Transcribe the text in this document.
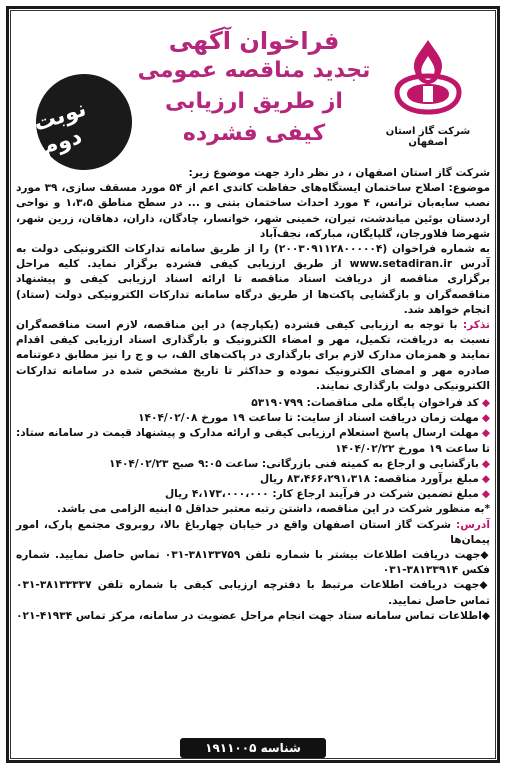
شرکت گاز استان اصفهان
فراخوان آگهی
تجدید مناقصه عمومی
از طریق ارزیابی کیفی فشرده
نوبت دوم

شرکت گاز استان اصفهان ، در نظر دارد جهت موضوع زیر:

موضوع: اصلاح ساختمان ایستگاه‌های حفاظت کاتدی اعم از ۵۴ مورد مسقف سازی، ۳۹ مورد نصب سایه‌بان ترانس، ۴ مورد احداث ساختمان بتنی و ... در سطح مناطق ۱،۳،۵ و نواحی اردستان بوئین میاندشت، تیران، خمینی شهر، خوانسار، چادگان، داران، دهاقان، زرین شهر، شهرضا فلاورجان، گلپایگان، مبارکه، نجف‌آباد

به شماره فراخوان (۲۰۰۳۰۹۱۱۲۸۰۰۰۰۰۴) را از طریق سامانه تدارکات الکترونیکی دولت به آدرس www.setadiran.ir از طریق ارزیابی کیفی فشرده برگزار نماید. کلیه مراحل برگزاری مناقصه از دریافت اسناد مناقصه تا ارائه اسناد ارزیابی کیفی و پیشنهاد مناقصه‌گران و بازگشایی پاکت‌ها از طریق درگاه سامانه تدارکات الکترونیکی دولت (ستاد) انجام خواهد شد.

تذکر: با توجه به ارزیابی کیفی فشرده (یکپارچه) در این مناقصه، لازم است مناقصه‌گران نسبت به دریافت، تکمیل، مهر و امضاء الکترونیک و بارگذاری اسناد ارزیابی کیفی اقدام نمایند و همزمان مدارک لازم برای بارگذاری در پاکت‌های الف، ب و ج را نیز مطابق دعوتنامه صادره مهر و امضای الکترونیک نموده و حداکثر تا تاریخ مشخص شده در سامانه تدارکات الکترونیکی دولت بارگذاری نمایند.

◆کد فراخوان پایگاه ملی مناقصات: ۵۳۱۹۰۷۹۹
◆مهلت زمان دریافت اسناد از سایت: تا ساعت ۱۹ مورخ ۱۴۰۴/۰۲/۰۸
◆مهلت ارسال پاسخ استعلام ارزیابی کیفی و ارائه مدارک و پیشنهاد قیمت در سامانه ستاد: تا ساعت ۱۹ مورخ ۱۴۰۴/۰۲/۲۲
◆بازگشایی و ارجاع به کمیته فنی بازرگانی: ساعت ۹:۰۵ صبح ۱۴۰۴/۰۲/۲۳
◆مبلغ برآورد مناقصه: ۸۳،۴۶۶،۲۹۱،۳۱۸ ریال
◆مبلغ تضمین شرکت در فرآیند ارجاع کار: ۴،۱۷۳،۰۰۰،۰۰۰ ریال

*به منظور شرکت در این مناقصه، داشتن رتبه معتبر حداقل ۵ ابنیه الزامی می باشد.

آدرس: شرکت گاز استان اصفهان واقع در خیابان چهارباغ بالا، روبروی مجتمع پارک، امور پیمان‌ها

◆جهت دریافت اطلاعات بیشتر با شماره تلفن ۳۸۱۳۳۷۵۹-۰۳۱ تماس حاصل نمایید. شماره فکس ۳۸۱۳۳۹۱۴-۰۳۱

◆جهت دریافت اطلاعات مرتبط با دفترچه ارزیابی کیفی با شماره تلفن ۳۸۱۳۳۳۳۷-۰۳۱ تماس حاصل نمایید.

◆اطلاعات تماس سامانه ستاد جهت انجام مراحل عضویت در سامانه، مرکز تماس ۴۱۹۳۴-۰۲۱

شناسه ۱۹۱۱۰۰۵
